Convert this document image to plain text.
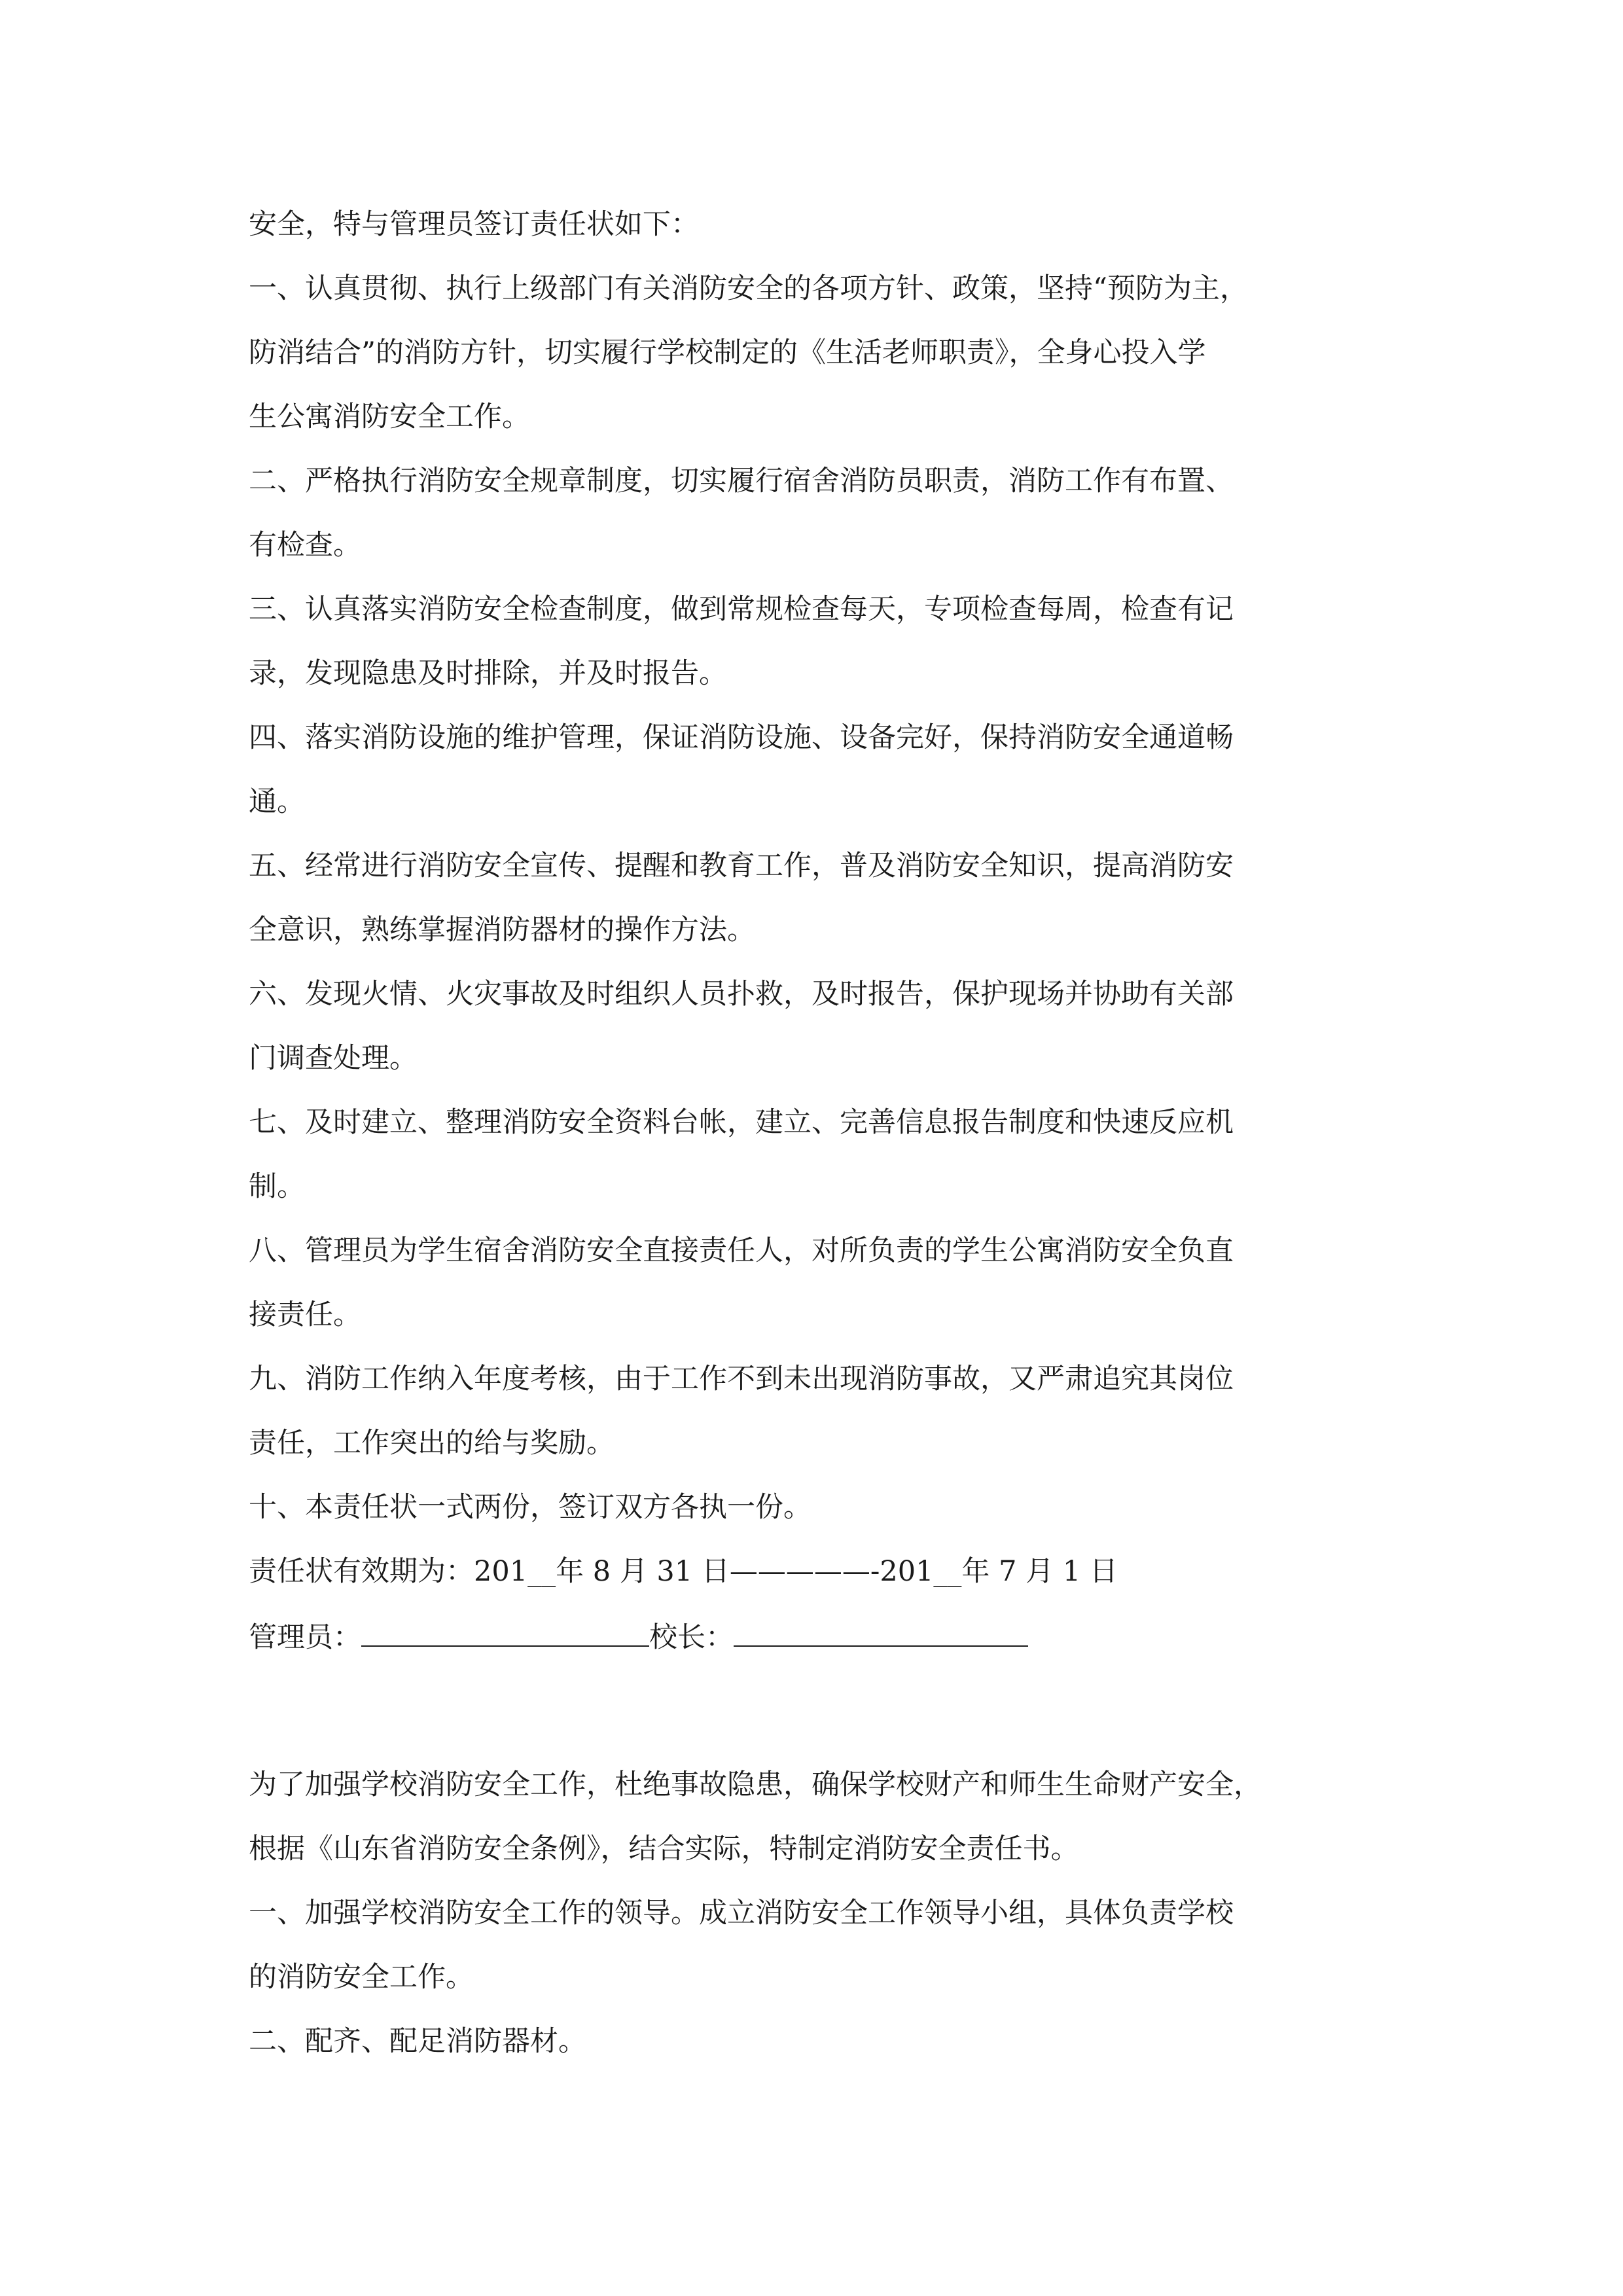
安全，特与管理员签订责任状如下：
一、认真贯彻、执行上级部门有关消防安全的各项方针、政策，坚持“预防为主，
防消结合”的消防方针，切实履行学校制定的《生活老师职责》，全身心投入学
生公寓消防安全工作。
二、严格执行消防安全规章制度，切实履行宿舍消防员职责，消防工作有布置、
有检查。
三、认真落实消防安全检查制度，做到常规检查每天，专项检查每周，检查有记
录，发现隐患及时排除，并及时报告。
四、落实消防设施的维护管理，保证消防设施、设备完好，保持消防安全通道畅
通。
五、经常进行消防安全宣传、提醒和教育工作，普及消防安全知识，提高消防安
全意识，熟练掌握消防器材的操作方法。
六、发现火情、火灾事故及时组织人员扑救，及时报告，保护现场并协助有关部
门调查处理。
七、及时建立、整理消防安全资料台帐，建立、完善信息报告制度和快速反应机
制。
八、管理员为学生宿舍消防安全直接责任人，对所负责的学生公寓消防安全负直
接责任。
九、消防工作纳入年度考核，由于工作不到未出现消防事故，又严肃追究其岗位
责任，工作突出的给与奖励。
十、本责任状一式两份，签订双方各执一份。
责任状有效期为：201__年 8 月 31 日—————-201__年 7 月 1 日
管理员：	校长：
为了加强学校消防安全工作，杜绝事故隐患，确保学校财产和师生生命财产安全，
根据《山东省消防安全条例》，结合实际，特制定消防安全责任书。
一、加强学校消防安全工作的领导。成立消防安全工作领导小组，具体负责学校
的消防安全工作。
二、配齐、配足消防器材。
